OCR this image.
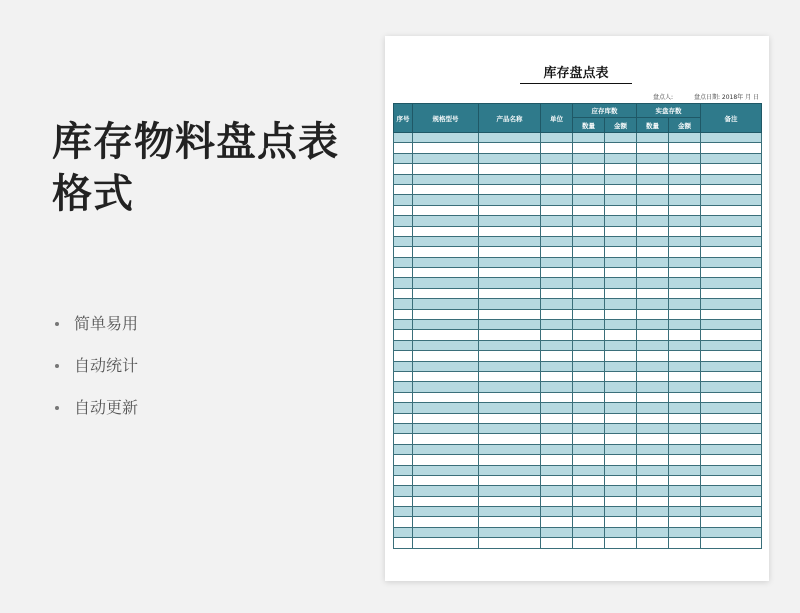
库存物料盘点表格式
简单易用
自动统计
自动更新
库存盘点表
盘点人:	盘点日期: 2018年 月 日
序号	规格型号	产品名称	单位	应存库数		实盘存数		备注
				数量	金额	数量	金额	
